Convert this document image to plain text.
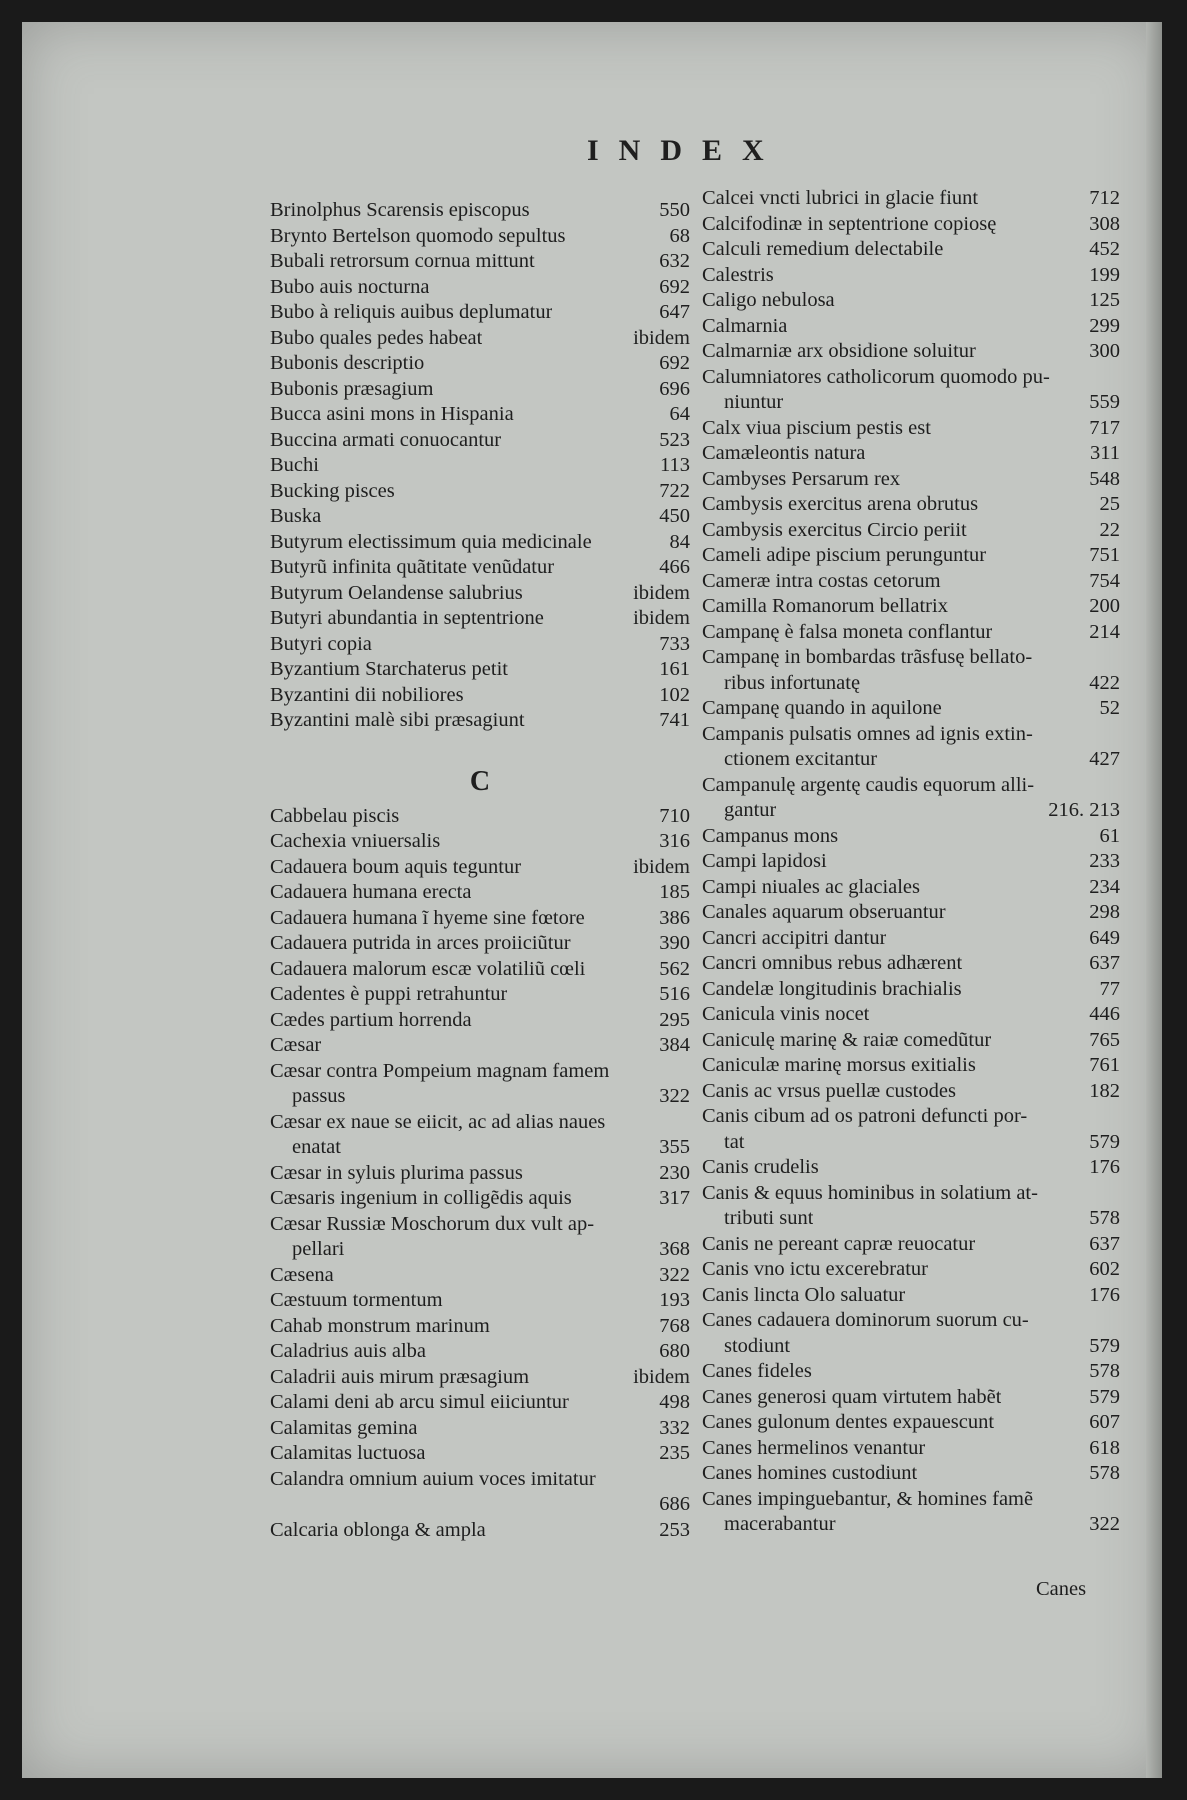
INDEX
Brinolphus Scarensis episcopus	550
Brynto Bertelson quomodo sepultus	68
Bubali retrorsum cornua mittunt	632
Bubo auis nocturna	692
Bubo à reliquis auibus deplumatur	647
Bubo quales pedes habeat	ibidem
Bubonis descriptio	692
Bubonis præsagium	696
Bucca asini mons in Hispania	64
Buccina armati conuocantur	523
Buchi	113
Bucking pisces	722
Buska	450
Butyrum electissimum quia medicinale	84
Butyrũ infinita quãtitate venũdatur	466
Butyrum Oelandense salubrius	ibidem
Butyri abundantia in septentrione	ibidem
Butyri copia	733
Byzantium Starchaterus petit	161
Byzantini dii nobiliores	102
Byzantini malè sibi præsagiunt	741
C
Cabbelau piscis	710
Cachexia vniuersalis	316
Cadauera boum aquis teguntur	ibidem
Cadauera humana erecta	185
Cadauera humana ĩ hyeme sine fœtore	386
Cadauera putrida in arces proiiciũtur	390
Cadauera malorum escæ volatiliũ cœli	562
Cadentes è puppi retrahuntur	516
Cædes partium horrenda	295
Cæsar	384
Cæsar contra Pompeium magnam famem
passus	322
Cæsar ex naue se eiicit, ac ad alias naues
enatat	355
Cæsar in syluis plurima passus	230
Cæsaris ingenium in colligẽdis aquis	317
Cæsar Russiæ Moschorum dux vult ap-
pellari	368
Cæsena	322
Cæstuum tormentum	193
Cahab monstrum marinum	768
Caladrius auis alba	680
Caladrii auis mirum præsagium	ibidem
Calami deni ab arcu simul eiiciuntur	498
Calamitas gemina	332
Calamitas luctuosa	235
Calandra omnium auium voces imitatur
686
Calcaria oblonga & ampla	253
Calcei vncti lubrici in glacie fiunt	712
Calcifodinæ in septentrione copiosę	308
Calculi remedium delectabile	452
Calestris	199
Caligo nebulosa	125
Calmarnia	299
Calmarniæ arx obsidione soluitur	300
Calumniatores catholicorum quomodo pu-
niuntur	559
Calx viua piscium pestis est	717
Camæleontis natura	311
Cambyses Persarum rex	548
Cambysis exercitus arena obrutus	25
Cambysis exercitus Circio periit	22
Cameli adipe piscium perunguntur	751
Cameræ intra costas cetorum	754
Camilla Romanorum bellatrix	200
Campanę è falsa moneta conflantur	214
Campanę in bombardas trãsfusę bellato-
ribus infortunatę	422
Campanę quando in aquilone	52
Campanis pulsatis omnes ad ignis extin-
ctionem excitantur	427
Campanulę argentę caudis equorum alli-
gantur	216. 213
Campanus mons	61
Campi lapidosi	233
Campi niuales ac glaciales	234
Canales aquarum obseruantur	298
Cancri accipitri dantur	649
Cancri omnibus rebus adhærent	637
Candelæ longitudinis brachialis	77
Canicula vinis nocet	446
Caniculę marinę & raiæ comedũtur	765
Caniculæ marinę morsus exitialis	761
Canis ac vrsus puellæ custodes	182
Canis cibum ad os patroni defuncti por-
tat	579
Canis crudelis	176
Canis & equus hominibus in solatium at-
tributi sunt	578
Canis ne pereant capræ reuocatur	637
Canis vno ictu excerebratur	602
Canis lincta Olo saluatur	176
Canes cadauera dominorum suorum cu-
stodiunt	579
Canes fideles	578
Canes generosi quam virtutem habẽt	579
Canes gulonum dentes expauescunt	607
Canes hermelinos venantur	618
Canes homines custodiunt	578
Canes impinguebantur, & homines famẽ
macerabantur	322
Canes
